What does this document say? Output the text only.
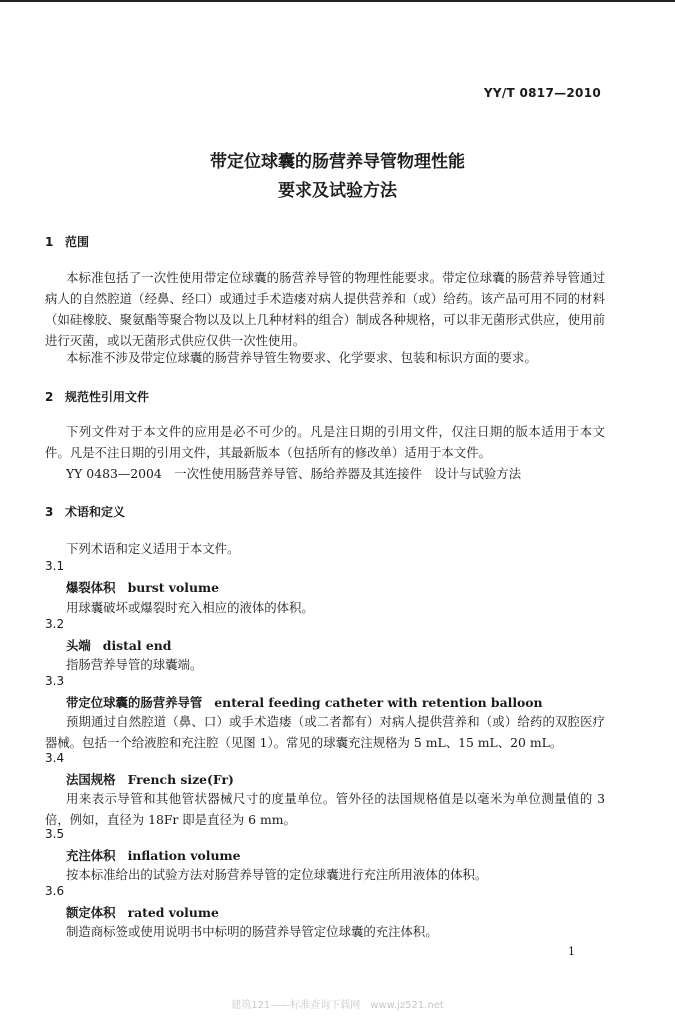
YY/T 0817—2010
带定位球囊的肠营养导管物理性能
要求及试验方法
1 范围
本标准包括了一次性使用带定位球囊的肠营养导管的物理性能要求。带定位球囊的肠营养导管通过病人的自然腔道（经鼻、经口）或通过手术造瘘对病人提供营养和（或）给药。该产品可用不同的材料（如硅橡胶、聚氨酯等聚合物以及以上几种材料的组合）制成各种规格，可以非无菌形式供应，使用前进行灭菌，或以无菌形式供应仅供一次性使用。
本标准不涉及带定位球囊的肠营养导管生物要求、化学要求、包装和标识方面的要求。
2 规范性引用文件
下列文件对于本文件的应用是必不可少的。凡是注日期的引用文件，仅注日期的版本适用于本文件。凡是不注日期的引用文件，其最新版本（包括所有的修改单）适用于本文件。
YY 0483—2004　一次性使用肠营养导管、肠给养器及其连接件　设计与试验方法
3 术语和定义
下列术语和定义适用于本文件。
3.1
爆裂体积 burst volume
用球囊破坏或爆裂时充入相应的液体的体积。
3.2
头端 distal end
指肠营养导管的球囊端。
3.3
带定位球囊的肠营养导管 enteral feeding catheter with retention balloon
预期通过自然腔道（鼻、口）或手术造瘘（或二者都有）对病人提供营养和（或）给药的双腔医疗器械。包括一个给液腔和充注腔（见图 1）。常见的球囊充注规格为 5 mL、15 mL、20 mL。
3.4
法国规格 French size(Fr)
用来表示导管和其他管状器械尺寸的度量单位。管外径的法国规格值是以毫米为单位测量值的 3 倍，例如，直径为 18Fr 即是直径为 6 mm。
3.5
充注体积 inflation volume
按本标准给出的试验方法对肠营养导管的定位球囊进行充注所用液体的体积。
3.6
额定体积 rated volume
制造商标签或使用说明书中标明的肠营养导管定位球囊的充注体积。
1
建筑121——标准查询下载网　www.jz521.net
